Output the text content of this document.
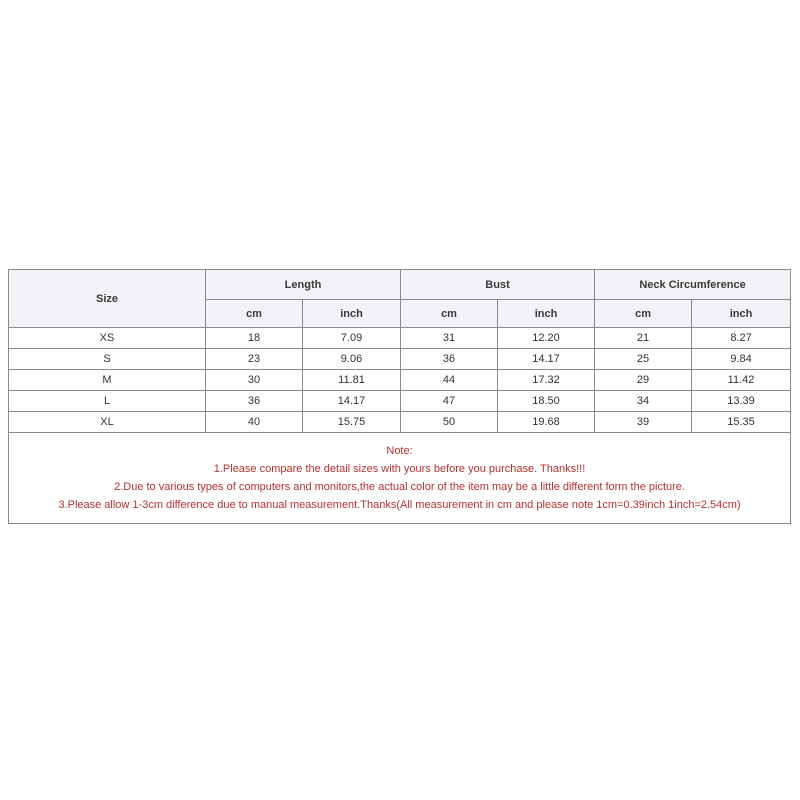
Size	Length		Bust		Neck Circumference	
	cm	inch	cm	inch	cm	inch
XS	18	7.09	31	12.20	21	8.27
S	23	9.06	36	14.17	25	9.84
M	30	11.81	44	17.32	29	11.42
L	36	14.17	47	18.50	34	13.39
XL	40	15.75	50	19.68	39	15.35

Note:
1.Please compare the detail sizes with yours before you purchase. Thanks!!!
2.Due to various types of computers and monitors,the actual color of the item may be a little different form the picture.
3.Please allow 1-3cm difference due to manual measurement.Thanks(All measurement in cm and please note 1cm=0.39inch 1inch=2.54cm)						
